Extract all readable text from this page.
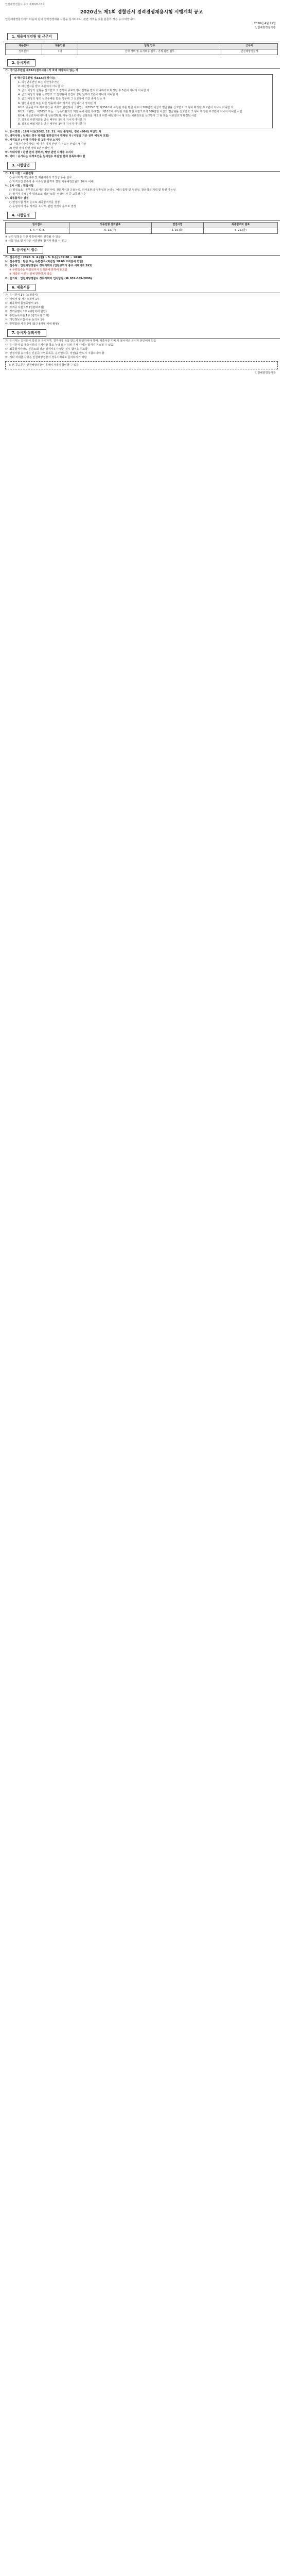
인천해양경찰서 공고 제2020-10호
2020년도 제1회 경찰관서 경력경쟁채용시험 시행계획 공고
인천해양경찰서에서 다음과 같이 경력경쟁채용 시험을 실시하오니, 관련 자격을 갖춘 분들의 많은 응시 바랍니다.
2020년 4월 29일
인천해양경찰서장
1. 채용예정인원 및 근무지
채용분야	채용인원	담당 업무	근무지
정비분야	1명	선박 정비 및 유지보수 업무 · 기계 관련 업무	인천해양경찰서
2. 응시자격
가. 국가공무원법 제33조(결격사유) 각 호에 해당하지 않는 자
※ 국가공무원법 제33조(결격사유)
1. 피성년후견인 또는 피한정후견인
2. 파산선고를 받고 복권되지 아니한 자
3. 금고 이상의 실형을 선고받고 그 집행이 종료되거나 집행을 받지 아니하기로 확정된 후 5년이 지나지 아니한 자
4. 금고 이상의 형을 선고받고 그 집행유예 기간이 끝난 날부터 2년이 지나지 아니한 자
5. 금고 이상의 형의 선고유예를 받은 경우에 그 선고유예 기간 중에 있는 자
6. 법원의 판결 또는 다른 법률에 따라 자격이 상실되거나 정지된 자
6의2. 공무원으로 재직기간 중 직무와 관련하여 「형법」 제355조 및 제356조에 규정된 죄를 범한 자로서 300만원 이상의 벌금형을 선고받고 그 형이 확정된 후 2년이 지나지 아니한 자
6의3. 「형법」 제303조 또는 「성폭력범죄의 처벌 등에 관한 특례법」 제10조에 규정된 죄를 범한 사람으로서 300만원 이상의 벌금형을 선고받고 그 형이 확정된 후 2년이 지나지 아니한 사람
6의4. 미성년자에 대하여 성폭력범죄, 아동·청소년대상 성범죄를 저질러 파면·해임되거나 형 또는 치료감호를 선고받아 그 형 또는 치료감호가 확정된 사람
7. 징계로 파면처분을 받은 때부터 5년이 지나지 아니한 자
8. 징계로 해임처분을 받은 때부터 3년이 지나지 아니한 자
나. 응시연령 : 18세 이상(2002. 12. 31. 이전 출생자), 정년 (60세) 미만인 자
다. 병역사항 : 남자의 경우 병역을 필하였거나 면제된 자 (시험일 기준 전역 예정자 포함)
라. 자격요건 : 아래 자격증 중 1개 이상 소지자
1) 「국가기술자격법」에 따른 기계 관련 기사 또는 산업기사 이상
2) 선박 정비 관련 경력 3년 이상인 자
마. 우대사항 : 관련 분야 경력자, 해양 관련 자격증 소지자
바. 기타 : 응시자는 자격요건을 원서접수 마감일 현재 충족하여야 함
3. 시험방법
가. 1차 시험 : 서류전형
○ 응시자격 해당여부 및 제출서류의 적정성 등을 심사
○ 자격요건 충족자 중 서류전형 합격자 결정(채용예정인원의 3배수 이내)
나. 2차 시험 : 면접시험
○ 평정요소 : 공무원으로서의 정신자세, 전문지식과 응용능력, 의사표현의 정확성과 논리성, 예의·품행 및 성실성, 창의력·의지력 및 발전 가능성
○ 합격자 결정 : 각 평정요소 평균 '보통' 이상인 자 중 고득점자 순
다. 최종합격자 결정
○ 면접시험 성적 순으로 최종합격자를 결정
○ 동점자의 경우 자격증 소지자, 관련 경력자 순으로 결정
4. 시험일정
원서접수	서류전형 결과발표	면접시험	최종합격자 발표
5. 4. ~ 5. 8.	5. 13.(수)	5. 19.(화)	5. 22.(금)
※ 상기 일정은 기관 사정에 따라 변경될 수 있음
※ 시험 장소 및 시간은 서류전형 합격자 발표 시 공고
5. 응시원서 접수
가. 접수기간 : 2020. 5. 4.(월) ~ 5. 8.(금) 09:00 ~ 18:00
나. 접수방법 : 방문 또는 우편접수 (마감일 18:00 도착분에 한함)
다. 접수처 : 인천해양경찰서 경무기획과 (인천광역시 중구 서해대로 393)
※ 우편접수는 마감일까지 도착분에 한하여 유효함
※ 제출된 서류는 일체 반환하지 않음
라. 문의처 : 인천해양경찰서 경무기획과 인사담당 (☎ 032-865-2000)
6. 제출서류
가. 응시원서 1부 (소정양식)
나. 이력서 및 자기소개서 1부
다. 최종학력 졸업증명서 1부
라. 자격증 사본 1부 (원본대조필)
마. 경력증명서 1부 (해당자에 한함)
바. 주민등록초본 1부 (병적사항 기재)
사. 개인정보수집·이용 동의서 1부
아. 반명함판 사진 2매 (최근 6개월 이내 촬영)
7. 응시자 유의사항
가. 응시자는 응시원서 작성 전 응시자격, 결격사유 등을 반드시 확인하여야 하며, 제출서류 미비 시 불이익은 응시자 본인에게 있음
나. 응시원서 및 제출서류의 기재사항 착오·누락 또는 허위 기재 시에는 합격이 취소될 수 있음
다. 최종합격자라도 신원조회 결과 결격사유가 있는 경우 합격을 취소함
라. 면접시험 응시자는 신분증(주민등록증, 운전면허증, 여권)을 반드시 지참하여야 함
마. 기타 자세한 사항은 인천해양경찰서 경무기획과로 문의하시기 바람
※ 본 공고문은 인천해양경찰서 홈페이지에서 확인할 수 있음
인천해양경찰서장
